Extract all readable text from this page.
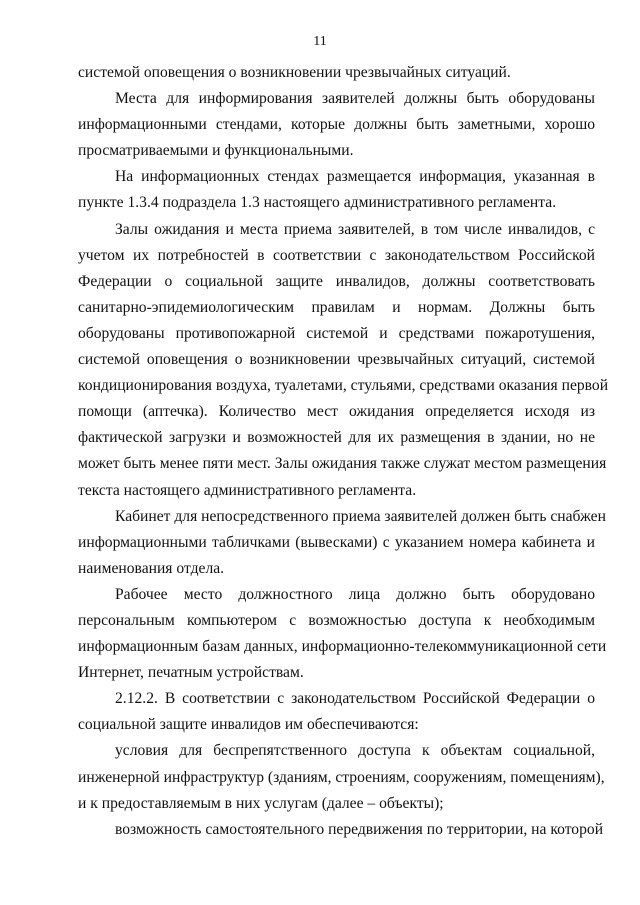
11
системой оповещения о возникновении чрезвычайных ситуаций.
Места для информирования заявителей должны быть оборудованы
информационными стендами, которые должны быть заметными, хорошо
просматриваемыми и функциональными.
На информационных стендах размещается информация, указанная в
пункте 1.3.4 подраздела 1.3 настоящего административного регламента.
Залы ожидания и места приема заявителей, в том числе инвалидов, с
учетом их потребностей в соответствии с законодательством Российской
Федерации о социальной защите инвалидов, должны соответствовать
санитарно-эпидемиологическим правилам и нормам. Должны быть
оборудованы противопожарной системой и средствами пожаротушения,
системой оповещения о возникновении чрезвычайных ситуаций, системой
кондиционирования воздуха, туалетами, стульями, средствами оказания первой
помощи (аптечка). Количество мест ожидания определяется исходя из
фактической загрузки и возможностей для их размещения в здании, но не
может быть менее пяти мест. Залы ожидания также служат местом размещения
текста настоящего административного регламента.
Кабинет для непосредственного приема заявителей должен быть снабжен
информационными табличками (вывесками) с указанием номера кабинета и
наименования отдела.
Рабочее место должностного лица должно быть оборудовано
персональным компьютером с возможностью доступа к необходимым
информационным базам данных, информационно-телекоммуникационной сети
Интернет, печатным устройствам.
2.12.2. В соответствии с законодательством Российской Федерации о
социальной защите инвалидов им обеспечиваются:
условия для беспрепятственного доступа к объектам социальной,
инженерной инфраструктур (зданиям, строениям, сооружениям, помещениям),
и к предоставляемым в них услугам (далее – объекты);
возможность самостоятельного передвижения по территории, на которой
